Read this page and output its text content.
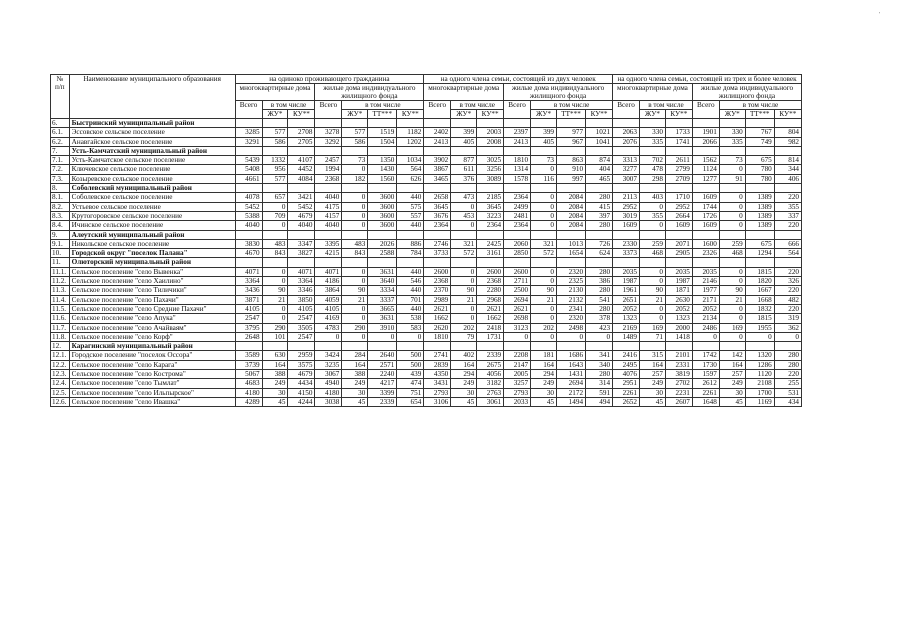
'
№ п/п	Наименование муниципального образования	на одиноко проживающего гражданина							на одного члена семьи, состоящей из двух человек							на одного члена семьи, состоящей из трех и более человек						
		многоквартирные дома			жилые дома индивидуального жилищного фонда				многоквартирные дома			жилые дома индивидуального жилищного фонда				многоквартирные дома			жилые дома индивидуального жилищного фонда			
		Всего	в том числе		Всего	в том числе			Всего	в том числе		Всего	в том числе			Всего	в том числе		Всего	в том числе		
			ЖУ*	КУ**		ЖУ*	ТТ***	КУ**		ЖУ*	КУ**		ЖУ*	ТТ***	КУ**		ЖУ*	КУ**		ЖУ*	ТТ***	КУ**
6.	Быстринский муниципальный район																					
6.1.	Эссовское сельское поселение	3285	577	2708	3278	577	1519	1182	2402	399	2003	2397	399	977	1021	2063	330	1733	1901	330	767	804
6.2.	Анавгайское сельское поселение	3291	586	2705	3292	586	1504	1202	2413	405	2008	2413	405	967	1041	2076	335	1741	2066	335	749	982
7.	Усть-Камчатский муниципальный район																					
7.1.	Усть-Камчатское сельское поселение	5439	1332	4107	2457	73	1350	1034	3902	877	3025	1810	73	863	874	3313	702	2611	1562	73	675	814
7.2.	Ключевское сельское поселение	5408	956	4452	1994	0	1430	564	3867	611	3256	1314	0	910	404	3277	478	2799	1124	0	780	344
7.3.	Козыревское сельское поселение	4661	577	4084	2368	182	1560	626	3465	376	3089	1578	116	997	465	3007	298	2709	1277	91	780	406
8.	Соболевский муниципальный район																					
8.1.	Соболевское сельское поселение	4078	657	3421	4040	0	3600	440	2658	473	2185	2364	0	2084	280	2113	403	1710	1609	0	1389	220
8.2.	Устьевое сельское поселение	5452	0	5452	4175	0	3600	575	3645	0	3645	2499	0	2084	415	2952	0	2952	1744	0	1389	355
8.3.	Крутогоровское сельское поселение	5388	709	4679	4157	0	3600	557	3676	453	3223	2481	0	2084	397	3019	355	2664	1726	0	1389	337
8.4.	Ичинское сельское поселение	4040	0	4040	4040	0	3600	440	2364	0	2364	2364	0	2084	280	1609	0	1609	1609	0	1389	220
9.	Алеутский муниципальный район																					
9.1.	Никольское сельское поселение	3830	483	3347	3395	483	2026	886	2746	321	2425	2060	321	1013	726	2330	259	2071	1600	259	675	666
10.	Городской округ "поселок Палана"	4670	843	3827	4215	843	2588	784	3733	572	3161	2850	572	1654	624	3373	468	2905	2326	468	1294	564
11.	Олюторский муниципальный район																					
11.1.	Сельское поселение "село Вывенка"	4071	0	4071	4071	0	3631	440	2600	0	2600	2600	0	2320	280	2035	0	2035	2035	0	1815	220
11.2.	Сельское поселение "село Хаилино"	3364	0	3364	4186	0	3640	546	2368	0	2368	2711	0	2325	386	1987	0	1987	2146	0	1820	326
11.3.	Сельское поселение "село Тиличики"	3436	90	3346	3864	90	3334	440	2370	90	2280	2500	90	2130	280	1961	90	1871	1977	90	1667	220
11.4.	Сельское поселение "село Пахачи"	3871	21	3850	4059	21	3337	701	2989	21	2968	2694	21	2132	541	2651	21	2630	2171	21	1668	482
11.5.	Сельское поселение "село Средние Пахачи"	4105	0	4105	4105	0	3665	440	2621	0	2621	2621	0	2341	280	2052	0	2052	2052	0	1832	220
11.6.	Сельское поселение "село Апука"	2547	0	2547	4169	0	3631	538	1662	0	1662	2698	0	2320	378	1323	0	1323	2134	0	1815	319
11.7.	Сельское поселение "село Ачайваям"	3795	290	3505	4783	290	3910	583	2620	202	2418	3123	202	2498	423	2169	169	2000	2486	169	1955	362
11.8.	Сельское поселение "село Корф"	2648	101	2547	0	0	0	0	1810	79	1731	0	0	0	0	1489	71	1418	0	0	0	0
12.	Карагинский муниципальный район																					
12.1.	Городское поселение "поселок Оссора"	3589	630	2959	3424	284	2640	500	2741	402	2339	2208	181	1686	341	2416	315	2101	1742	142	1320	280
12.2.	Сельское поселение "село Карага"	3739	164	3575	3235	164	2571	500	2839	164	2675	2147	164	1643	340	2495	164	2331	1730	164	1286	280
12.3.	Сельское поселение "село Кострома"	5067	388	4679	3067	388	2240	439	4350	294	4056	2005	294	1431	280	4076	257	3819	1597	257	1120	220
12.4.	Сельское поселение "село Тымлат"	4683	249	4434	4940	249	4217	474	3431	249	3182	3257	249	2694	314	2951	249	2702	2612	249	2108	255
12.5.	Сельское поселение "село Ильпырское"	4180	30	4150	4180	30	3399	751	2793	30	2763	2793	30	2172	591	2261	30	2231	2261	30	1700	531
12.6.	Сельское поселение "село Ивашка"	4289	45	4244	3038	45	2339	654	3106	45	3061	2033	45	1494	494	2652	45	2607	1648	45	1169	434
